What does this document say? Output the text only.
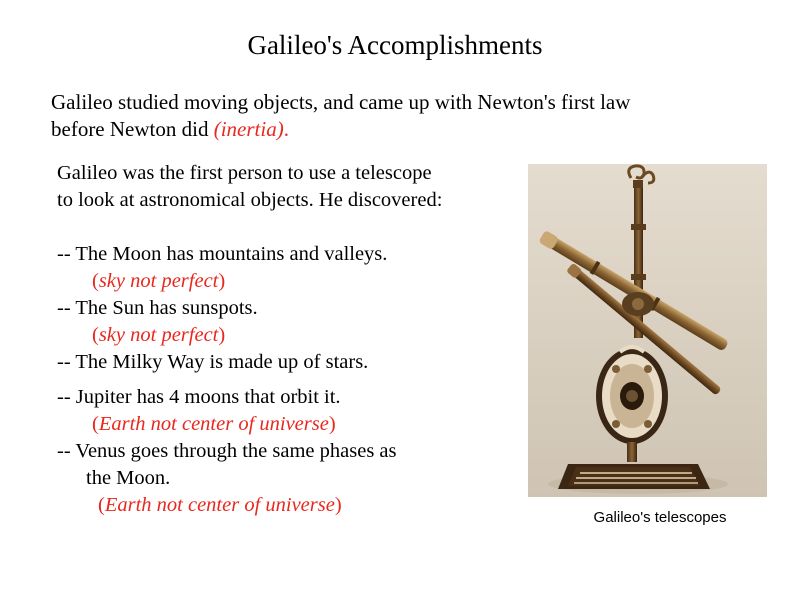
Galileo's Accomplishments
Galileo studied moving objects, and came up with Newton's first law
before Newton did (inertia).
Galileo was the first person to use a telescope
to look at astronomical objects. He discovered:
-- The Moon has mountains and valleys.
(sky not perfect)
-- The Sun has sunspots.
(sky not perfect)
-- The Milky Way is made up of stars.
-- Jupiter has 4 moons that orbit it.
(Earth not center of universe)
-- Venus goes through the same phases as
the Moon.
(Earth not center of universe)
Galileo's telescopes
